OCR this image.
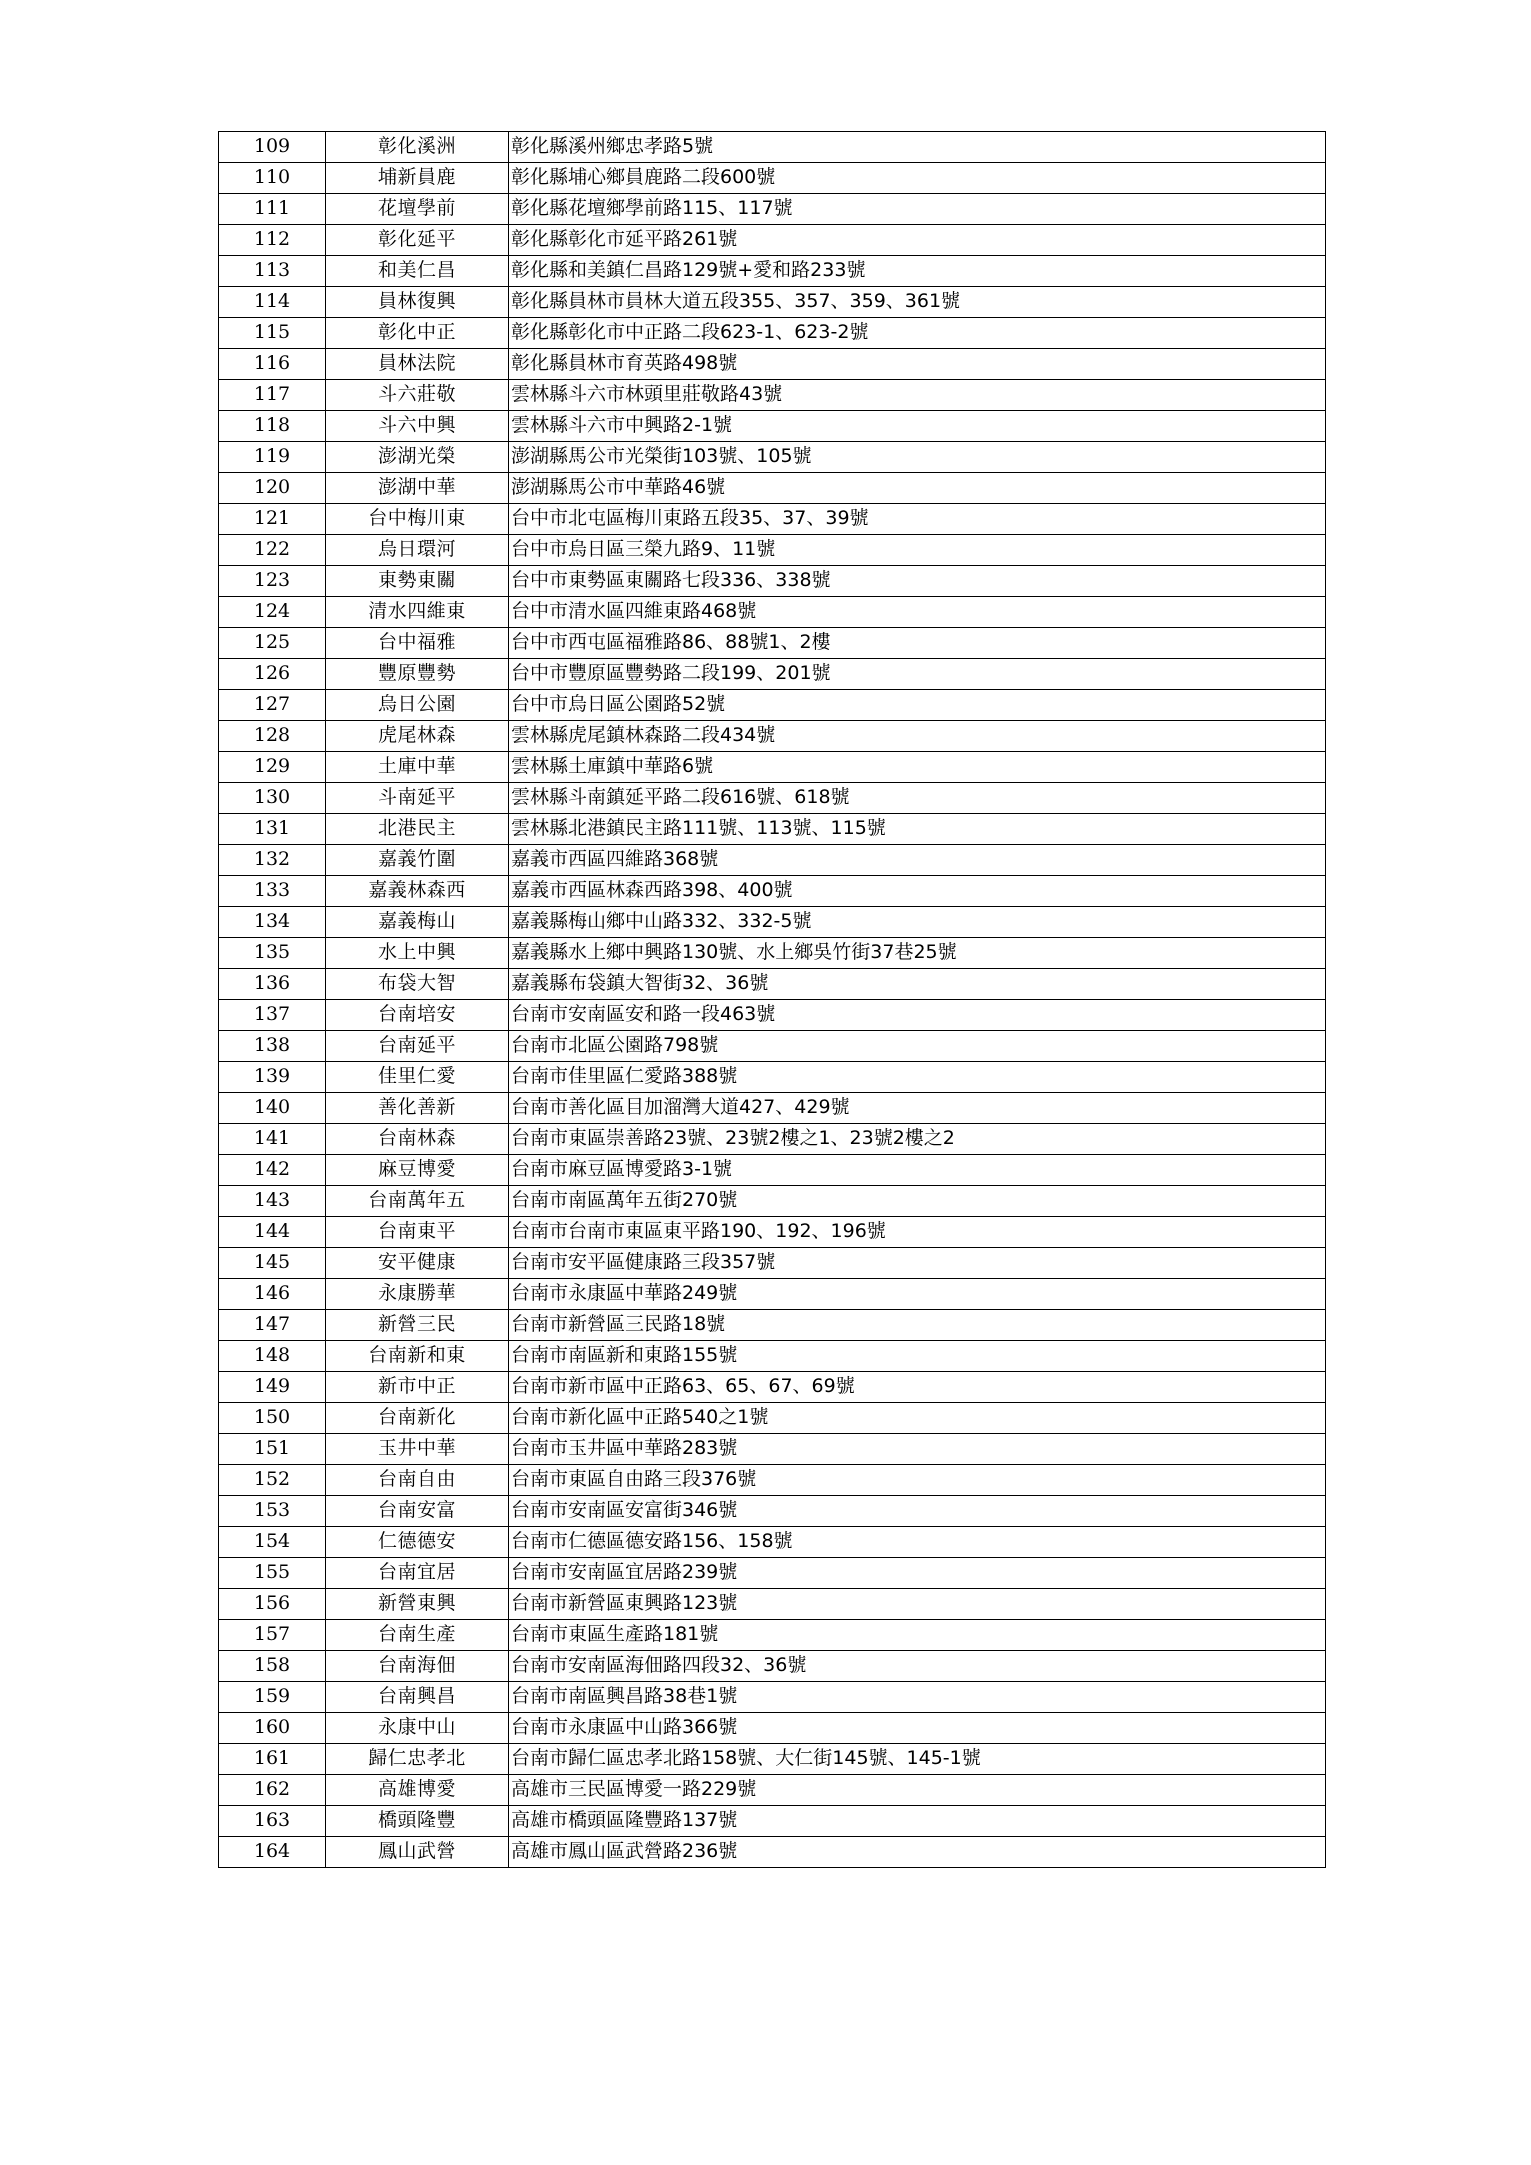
109	彰化溪洲	彰化縣溪州鄉忠孝路5號
110	埔新員鹿	彰化縣埔心鄉員鹿路二段600號
111	花壇學前	彰化縣花壇鄉學前路115、117號
112	彰化延平	彰化縣彰化市延平路261號
113	和美仁昌	彰化縣和美鎮仁昌路129號+愛和路233號
114	員林復興	彰化縣員林市員林大道五段355、357、359、361號
115	彰化中正	彰化縣彰化市中正路二段623-1、623-2號
116	員林法院	彰化縣員林市育英路498號
117	斗六莊敬	雲林縣斗六市林頭里莊敬路43號
118	斗六中興	雲林縣斗六市中興路2-1號
119	澎湖光榮	澎湖縣馬公市光榮街103號、105號
120	澎湖中華	澎湖縣馬公市中華路46號
121	台中梅川東	台中市北屯區梅川東路五段35、37、39號
122	烏日環河	台中市烏日區三榮九路9、11號
123	東勢東關	台中市東勢區東關路七段336、338號
124	清水四維東	台中市清水區四維東路468號
125	台中福雅	台中市西屯區福雅路86、88號1、2樓
126	豐原豐勢	台中市豐原區豐勢路二段199、201號
127	烏日公園	台中市烏日區公園路52號
128	虎尾林森	雲林縣虎尾鎮林森路二段434號
129	土庫中華	雲林縣土庫鎮中華路6號
130	斗南延平	雲林縣斗南鎮延平路二段616號、618號
131	北港民主	雲林縣北港鎮民主路111號、113號、115號
132	嘉義竹圍	嘉義市西區四維路368號
133	嘉義林森西	嘉義市西區林森西路398、400號
134	嘉義梅山	嘉義縣梅山鄉中山路332、332-5號
135	水上中興	嘉義縣水上鄉中興路130號、水上鄉吳竹街37巷25號
136	布袋大智	嘉義縣布袋鎮大智街32、36號
137	台南培安	台南市安南區安和路一段463號
138	台南延平	台南市北區公園路798號
139	佳里仁愛	台南市佳里區仁愛路388號
140	善化善新	台南市善化區目加溜灣大道427、429號
141	台南林森	台南市東區崇善路23號、23號2樓之1、23號2樓之2
142	麻豆博愛	台南市麻豆區博愛路3-1號
143	台南萬年五	台南市南區萬年五街270號
144	台南東平	台南市台南市東區東平路190、192、196號
145	安平健康	台南市安平區健康路三段357號
146	永康勝華	台南市永康區中華路249號
147	新營三民	台南市新營區三民路18號
148	台南新和東	台南市南區新和東路155號
149	新市中正	台南市新市區中正路63、65、67、69號
150	台南新化	台南市新化區中正路540之1號
151	玉井中華	台南市玉井區中華路283號
152	台南自由	台南市東區自由路三段376號
153	台南安富	台南市安南區安富街346號
154	仁德德安	台南市仁德區德安路156、158號
155	台南宜居	台南市安南區宜居路239號
156	新營東興	台南市新營區東興路123號
157	台南生產	台南市東區生產路181號
158	台南海佃	台南市安南區海佃路四段32、36號
159	台南興昌	台南市南區興昌路38巷1號
160	永康中山	台南市永康區中山路366號
161	歸仁忠孝北	台南市歸仁區忠孝北路158號、大仁街145號、145-1號
162	高雄博愛	高雄市三民區博愛一路229號
163	橋頭隆豐	高雄市橋頭區隆豐路137號
164	鳳山武營	高雄市鳳山區武營路236號
